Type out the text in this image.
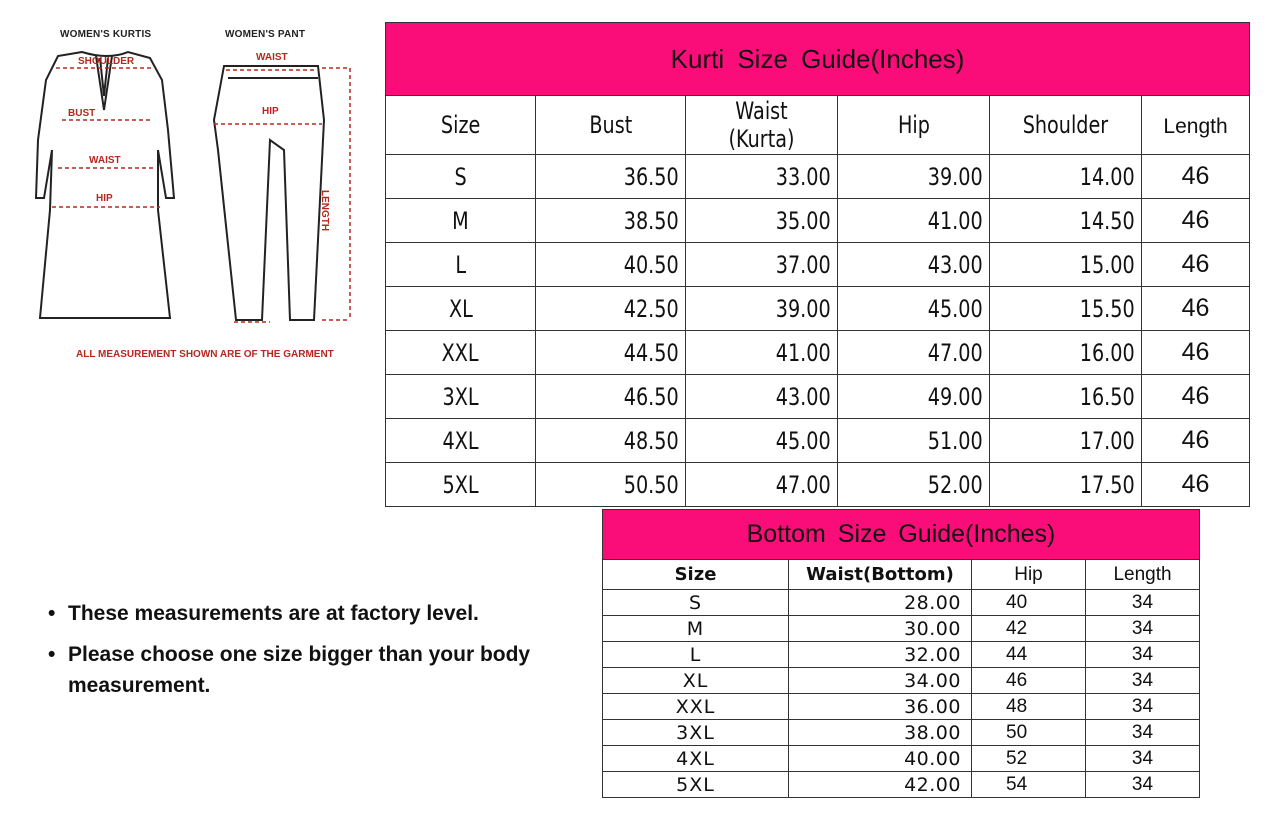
WOMEN'S KURTIS	WOMEN'S PANT
SHOULDER
BUST
WAIST
HIP
WAIST
HIP
LENGTH
ALL MEASUREMENT SHOWN ARE OF THE GARMENT
Kurti Size Guide(Inches)					
Size	Bust	Waist (Kurta)	Hip	Shoulder	Length
S	36.50	33.00	39.00	14.00	46
M	38.50	35.00	41.00	14.50	46
L	40.50	37.00	43.00	15.00	46
XL	42.50	39.00	45.00	15.50	46
XXL	44.50	41.00	47.00	16.00	46
3XL	46.50	43.00	49.00	16.50	46
4XL	48.50	45.00	51.00	17.00	46
5XL	50.50	47.00	52.00	17.50	46
• These measurements are at factory level.
• Please choose one size bigger than your body measurement.
Bottom Size Guide(Inches)			
Size	Waist(Bottom)	Hip	Length
S	28.00	40	34
M	30.00	42	34
L	32.00	44	34
XL	34.00	46	34
XXL	36.00	48	34
3XL	38.00	50	34
4XL	40.00	52	34
5XL	42.00	54	34
